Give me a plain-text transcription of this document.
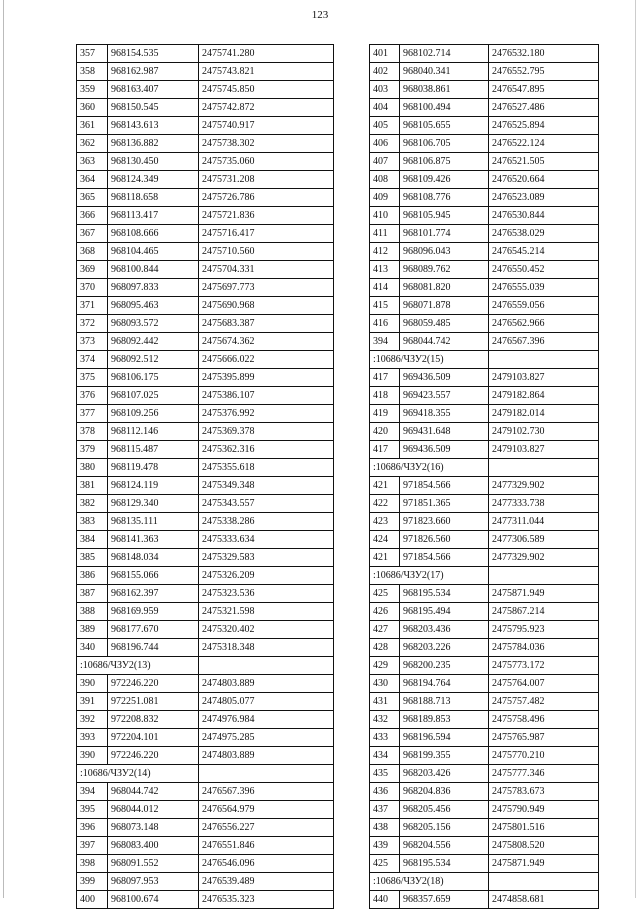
123
357	968154.535	2475741.280
358	968162.987	2475743.821
359	968163.407	2475745.850
360	968150.545	2475742.872
361	968143.613	2475740.917
362	968136.882	2475738.302
363	968130.450	2475735.060
364	968124.349	2475731.208
365	968118.658	2475726.786
366	968113.417	2475721.836
367	968108.666	2475716.417
368	968104.465	2475710.560
369	968100.844	2475704.331
370	968097.833	2475697.773
371	968095.463	2475690.968
372	968093.572	2475683.387
373	968092.442	2475674.362
374	968092.512	2475666.022
375	968106.175	2475395.899
376	968107.025	2475386.107
377	968109.256	2475376.992
378	968112.146	2475369.378
379	968115.487	2475362.316
380	968119.478	2475355.618
381	968124.119	2475349.348
382	968129.340	2475343.557
383	968135.111	2475338.286
384	968141.363	2475333.634
385	968148.034	2475329.583
386	968155.066	2475326.209
387	968162.397	2475323.536
388	968169.959	2475321.598
389	968177.670	2475320.402
340	968196.744	2475318.348
:10686/ЧЗУ2(13)		
390	972246.220	2474803.889
391	972251.081	2474805.077
392	972208.832	2474976.984
393	972204.101	2474975.285
390	972246.220	2474803.889
:10686/ЧЗУ2(14)		
394	968044.742	2476567.396
395	968044.012	2476564.979
396	968073.148	2476556.227
397	968083.400	2476551.846
398	968091.552	2476546.096
399	968097.953	2476539.489
400	968100.674	2476535.323
401	968102.714	2476532.180
402	968040.341	2476552.795
403	968038.861	2476547.895
404	968100.494	2476527.486
405	968105.655	2476525.894
406	968106.705	2476522.124
407	968106.875	2476521.505
408	968109.426	2476520.664
409	968108.776	2476523.089
410	968105.945	2476530.844
411	968101.774	2476538.029
412	968096.043	2476545.214
413	968089.762	2476550.452
414	968081.820	2476555.039
415	968071.878	2476559.056
416	968059.485	2476562.966
394	968044.742	2476567.396
:10686/ЧЗУ2(15)		
417	969436.509	2479103.827
418	969423.557	2479182.864
419	969418.355	2479182.014
420	969431.648	2479102.730
417	969436.509	2479103.827
:10686/ЧЗУ2(16)		
421	971854.566	2477329.902
422	971851.365	2477333.738
423	971823.660	2477311.044
424	971826.560	2477306.589
421	971854.566	2477329.902
:10686/ЧЗУ2(17)		
425	968195.534	2475871.949
426	968195.494	2475867.214
427	968203.436	2475795.923
428	968203.226	2475784.036
429	968200.235	2475773.172
430	968194.764	2475764.007
431	968188.713	2475757.482
432	968189.853	2475758.496
433	968196.594	2475765.987
434	968199.355	2475770.210
435	968203.426	2475777.346
436	968204.836	2475783.673
437	968205.456	2475790.949
438	968205.156	2475801.516
439	968204.556	2475808.520
425	968195.534	2475871.949
:10686/ЧЗУ2(18)		
440	968357.659	2474858.681
